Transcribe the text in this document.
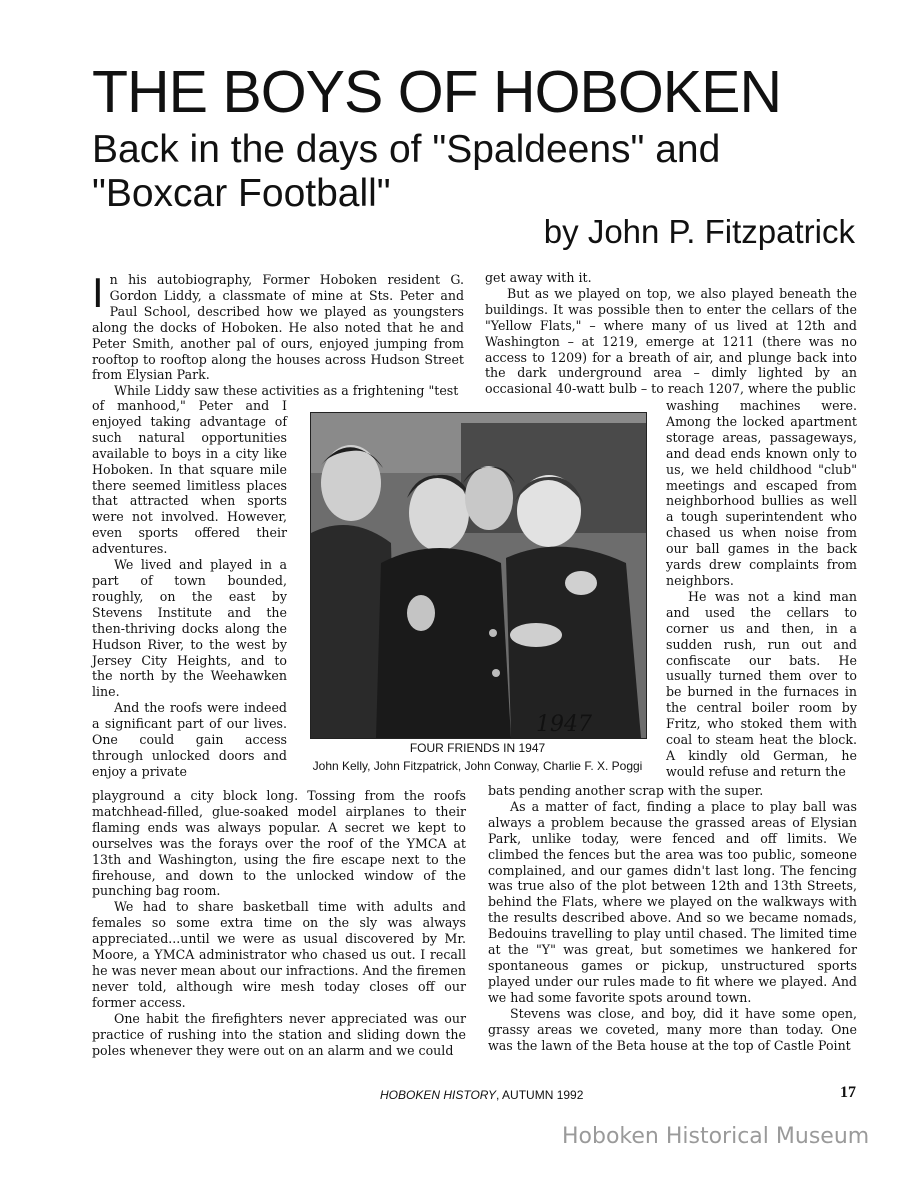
THE BOYS OF HOBOKEN
Back in the days of "Spaldeens" and "Boxcar Football"
by John P. Fitzpatrick
I n his autobiography, Former Hoboken resident G. Gordon Liddy, a classmate of mine at Sts. Peter and Paul School, described how we played as youngsters along the docks of Hoboken. He also noted that he and Peter Smith, another pal of ours, enjoyed jumping from rooftop to rooftop along the houses across Hudson Street from Elysian Park.

While Liddy saw these activities as a frightening "test

of manhood," Peter and I enjoyed taking advantage of such natural opportunities available to boys in a city like Hoboken. In that square mile there seemed limitless places that attracted when sports were not involved. However, even sports offered their adventures.

We lived and played in a part of town bounded, roughly, on the east by Stevens Institute and the then-thriving docks along the Hudson River, to the west by Jersey City Heights, and to the north by the Weehawken line.

And the roofs were indeed a significant part of our lives. One could gain access through unlocked doors and enjoy a private

playground a city block long. Tossing from the roofs matchhead-filled, glue-soaked model airplanes to their flaming ends was always popular. A secret we kept to ourselves was the forays over the roof of the YMCA at 13th and Washington, using the fire escape next to the firehouse, and down to the unlocked window of the punching bag room.

We had to share basketball time with adults and females so some extra time on the sly was always appreciated...until we were as usual discovered by Mr. Moore, a YMCA administrator who chased us out. I recall he was never mean about our infractions. And the firemen never told, although wire mesh today closes off our former access.

One habit the firefighters never appreciated was our practice of rushing into the station and sliding down the poles whenever they were out on an alarm and we could

get away with it.

But as we played on top, we also played beneath the buildings. It was possible then to enter the cellars of the "Yellow Flats," – where many of us lived at 12th and Washington – at 1219, emerge at 1211 (there was no access to 1209) for a breath of air, and plunge back into the dark underground area – dimly lighted by an occasional 40-watt bulb – to reach 1207, where the public

washing machines were. Among the locked apartment storage areas, passageways, and dead ends known only to us, we held childhood "club" meetings and escaped from neighborhood bullies as well a tough superintendent who chased us when noise from our ball games in the back yards drew complaints from neighbors.

He was not a kind man and used the cellars to corner us and then, in a sudden rush, run out and confiscate our bats. He usually turned them over to be burned in the furnaces in the central boiler room by Fritz, who stoked them with coal to steam heat the block. A kindly old German, he would refuse and return the

bats pending another scrap with the super.

As a matter of fact, finding a place to play ball was always a problem because the grassed areas of Elysian Park, unlike today, were fenced and off limits. We climbed the fences but the area was too public, someone complained, and our games didn't last long. The fencing was true also of the plot between 12th and 13th Streets, behind the Flats, where we played on the walkways with the results described above. And so we became nomads, Bedouins travelling to play until chased. The limited time at the "Y" was great, but sometimes we hankered for spontaneous games or pickup, unstructured sports played under our rules made to fit where we played. And we had some favorite spots around town.

Stevens was close, and boy, did it have some open, grassy areas we coveted, many more than today. One was the lawn of the Beta house at the top of Castle Point

1947
FOUR FRIENDS IN 1947
John Kelly, John Fitzpatrick, John Conway, Charlie F. X. Poggi
HOBOKEN HISTORY, AUTUMN 1992	17
Hoboken Historical Museum
